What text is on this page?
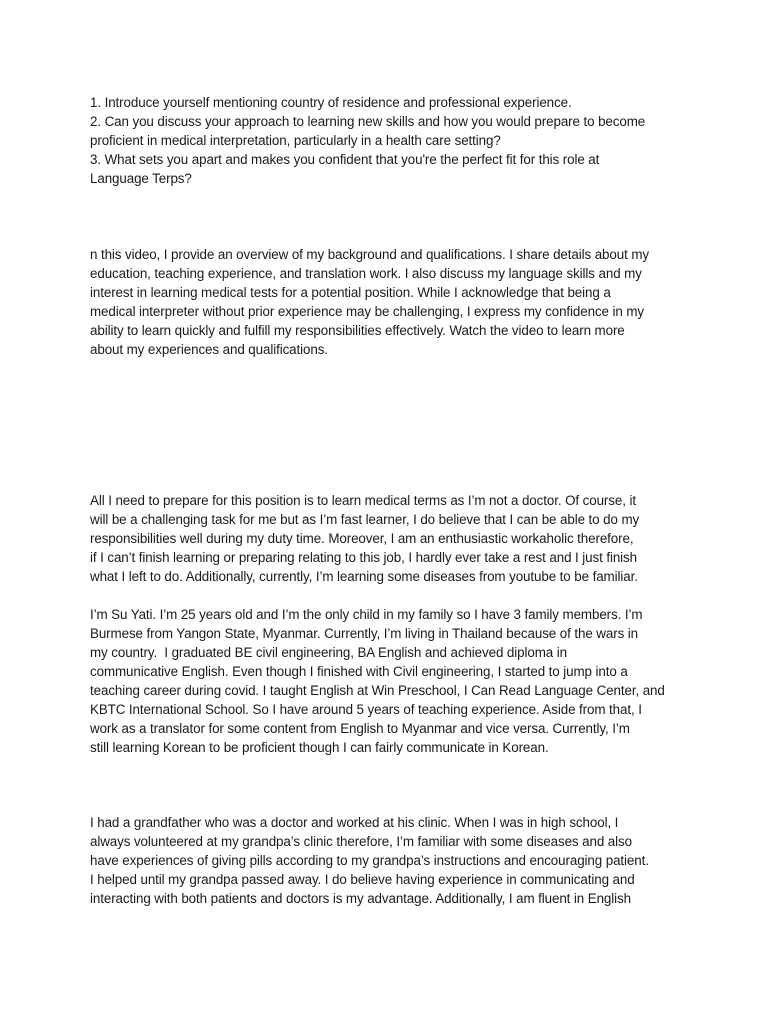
1. Introduce yourself mentioning country of residence and professional experience.
2. Can you discuss your approach to learning new skills and how you would prepare to become
proficient in medical interpretation, particularly in a health care setting?
3. What sets you apart and makes you confident that you're the perfect fit for this role at
Language Terps?

n this video, I provide an overview of my background and qualifications. I share details about my
education, teaching experience, and translation work. I also discuss my language skills and my
interest in learning medical tests for a potential position. While I acknowledge that being a
medical interpreter without prior experience may be challenging, I express my confidence in my
ability to learn quickly and fulfill my responsibilities effectively. Watch the video to learn more
about my experiences and qualifications.

All I need to prepare for this position is to learn medical terms as I’m not a doctor. Of course, it
will be a challenging task for me but as I’m fast learner, I do believe that I can be able to do my
responsibilities well during my duty time. Moreover, I am an enthusiastic workaholic therefore,
if I can’t finish learning or preparing relating to this job, I hardly ever take a rest and I just finish
what I left to do. Additionally, currently, I’m learning some diseases from youtube to be familiar.

I’m Su Yati. I’m 25 years old and I’m the only child in my family so I have 3 family members. I’m
Burmese from Yangon State, Myanmar. Currently, I’m living in Thailand because of the wars in
my country.  I graduated BE civil engineering, BA English and achieved diploma in
communicative English. Even though I finished with Civil engineering, I started to jump into a
teaching career during covid. I taught English at Win Preschool, I Can Read Language Center, and
KBTC International School. So I have around 5 years of teaching experience. Aside from that, I
work as a translator for some content from English to Myanmar and vice versa. Currently, I’m
still learning Korean to be proficient though I can fairly communicate in Korean.

I had a grandfather who was a doctor and worked at his clinic. When I was in high school, I
always volunteered at my grandpa’s clinic therefore, I’m familiar with some diseases and also
have experiences of giving pills according to my grandpa’s instructions and encouraging patient.
I helped until my grandpa passed away. I do believe having experience in communicating and
interacting with both patients and doctors is my advantage. Additionally, I am fluent in English
